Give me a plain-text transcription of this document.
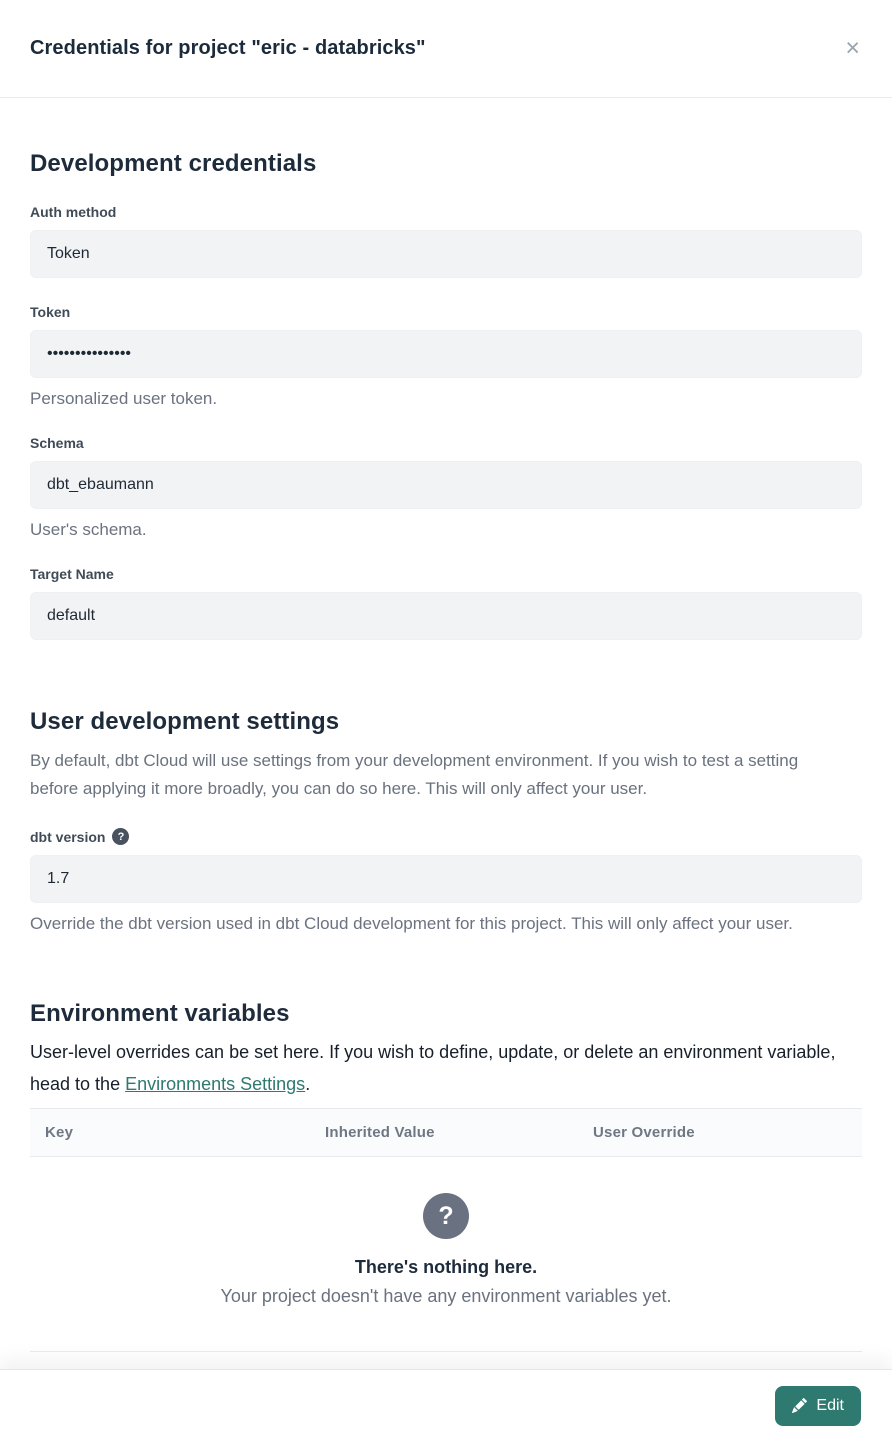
Credentials for project "eric - databricks"	×
Development credentials
Auth method
Token
Token
•••••••••••••••
Personalized user token.
Schema
dbt_ebaumann
User's schema.
Target Name
default
User development settings

By default, dbt Cloud will use settings from your development environment. If you wish to test a setting before applying it more broadly, you can do so here. This will only affect your user.

dbt version	?
1.7
Override the dbt version used in dbt Cloud development for this project. This will only affect your user.
Environment variables

User-level overrides can be set here. If you wish to define, update, or delete an environment variable, head to the Environments Settings.

Key	Inherited Value	User Override
?
There's nothing here.
Your project doesn't have any environment variables yet.
Edit
